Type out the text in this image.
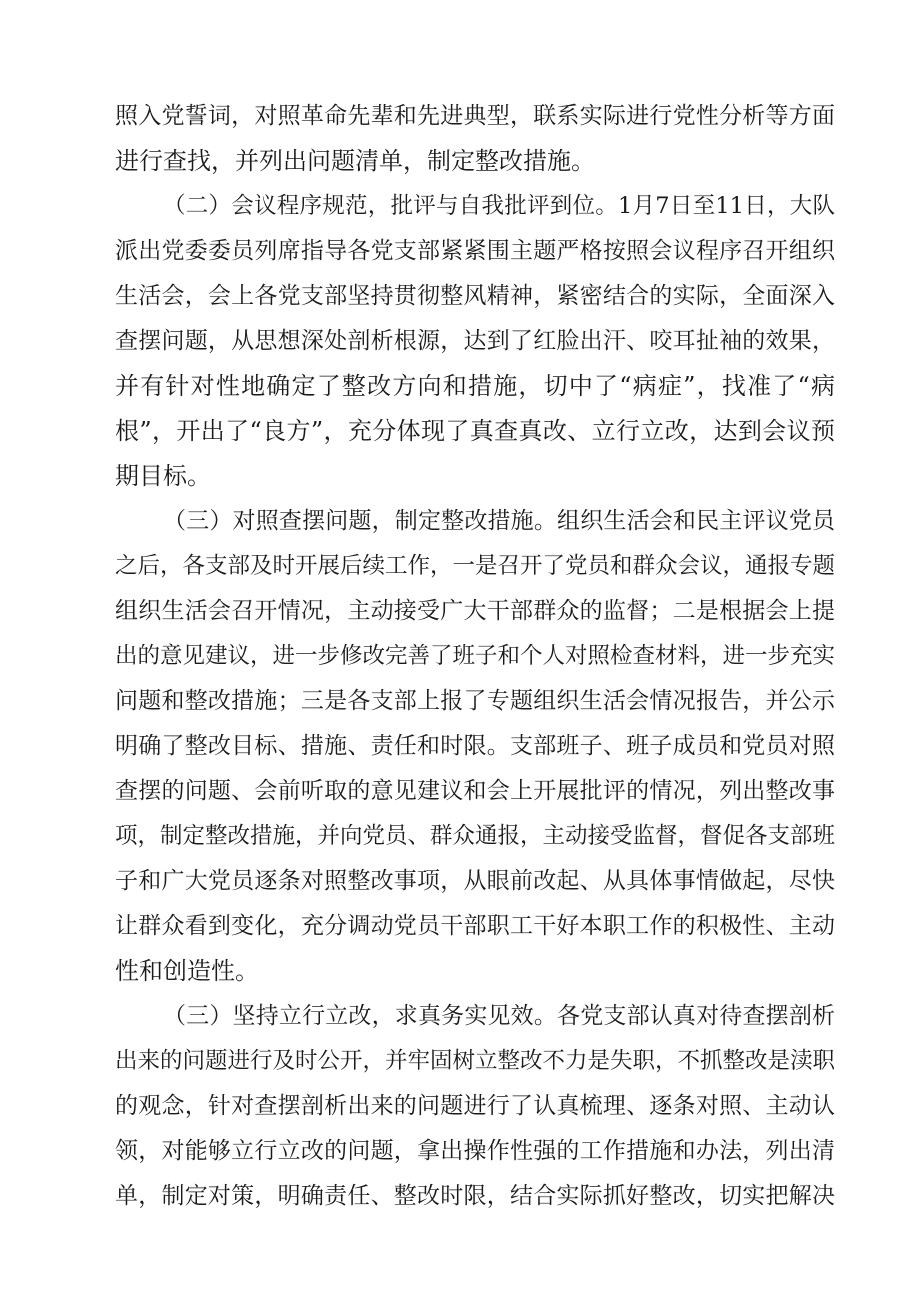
照入党誓词，对照革命先辈和先进典型，联系实际进行党性分析等方面
进行查找，并列出问题清单，制定整改措施。
（二）会议程序规范，批评与自我批评到位。1月7日至11日，大队
派出党委委员列席指导各党支部紧紧围主题严格按照会议程序召开组织
生活会，会上各党支部坚持贯彻整风精神，紧密结合的实际，全面深入
查摆问题，从思想深处剖析根源，达到了红脸出汗、咬耳扯袖的效果，
并有针对性地确定了整改方向和措施，切中了“病症”，找准了“病
根”，开出了“良方”，充分体现了真查真改、立行立改，达到会议预
期目标。
（三）对照查摆问题，制定整改措施。组织生活会和民主评议党员
之后，各支部及时开展后续工作，一是召开了党员和群众会议，通报专题
组织生活会召开情况，主动接受广大干部群众的监督；二是根据会上提
出的意见建议，进一步修改完善了班子和个人对照检查材料，进一步充实
问题和整改措施；三是各支部上报了专题组织生活会情况报告，并公示
明确了整改目标、措施、责任和时限。支部班子、班子成员和党员对照
查摆的问题、会前听取的意见建议和会上开展批评的情况，列出整改事
项，制定整改措施，并向党员、群众通报，主动接受监督，督促各支部班
子和广大党员逐条对照整改事项，从眼前改起、从具体事情做起，尽快
让群众看到变化，充分调动党员干部职工干好本职工作的积极性、主动
性和创造性。
（三）坚持立行立改，求真务实见效。各党支部认真对待查摆剖析
出来的问题进行及时公开，并牢固树立整改不力是失职，不抓整改是渎职
的观念，针对查摆剖析出来的问题进行了认真梳理、逐条对照、主动认
领，对能够立行立改的问题，拿出操作性强的工作措施和办法，列出清
单，制定对策，明确责任、整改时限，结合实际抓好整改，切实把解决
